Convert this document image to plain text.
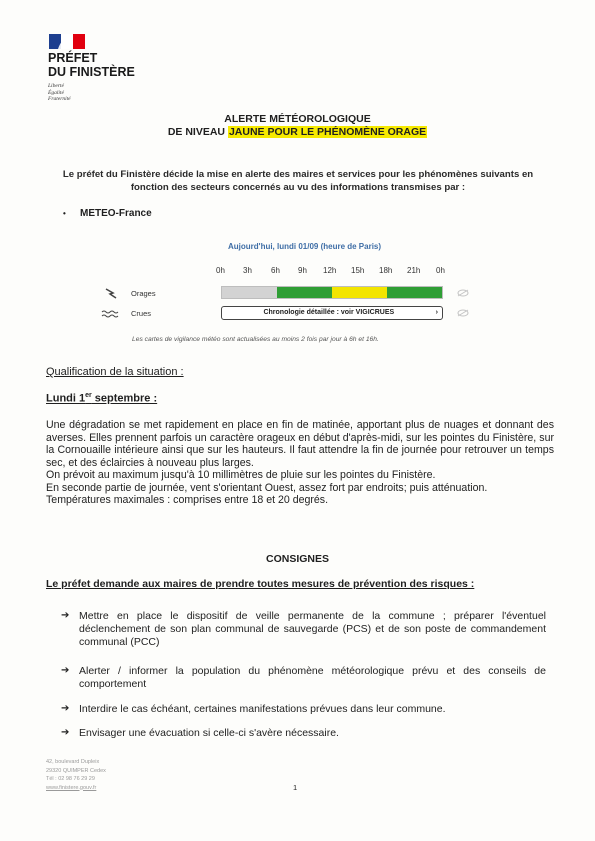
PRÉFET
DU FINISTÈRE
Liberté
Égalité
Fraternité
ALERTE MÉTÉOROLOGIQUE
DE NIVEAU JAUNE POUR LE PHÉNOMÈNE ORAGE
Le préfet du Finistère décide la mise en alerte des maires et services pour les phénomènes suivants en fonction des secteurs concernés au vu des informations transmises par :
• METEO-France
Aujourd'hui, lundi 01/09 (heure de Paris)
0h 3h 6h 9h 12h 15h 18h 21h 0h
Orages
Crues	Chronologie détaillée : voir VIGICRUES	›
Les cartes de vigilance météo sont actualisées au moins 2 fois par jour à 6h et 16h.
Qualification de la situation :
Lundi 1er septembre :

Une dégradation se met rapidement en place en fin de matinée, apportant plus de nuages et donnant des averses. Elles prennent parfois un caractère orageux en début d'après-midi, sur les pointes du Finistère, sur la Cornouaille intérieure ainsi que sur les hauteurs. Il faut attendre la fin de journée pour retrouver un temps sec, et des éclaircies à nouveau plus larges.

On prévoit au maximum jusqu'à 10 millimètres de pluie sur les pointes du Finistère.

En seconde partie de journée, vent s'orientant Ouest, assez fort par endroits; puis atténuation.

Températures maximales : comprises entre 18 et 20 degrés.

CONSIGNES
Le préfet demande aux maires de prendre toutes mesures de prévention des risques :
➔ Mettre en place le dispositif de veille permanente de la commune ; préparer l'éventuel déclenchement de son plan communal de sauvegarde (PCS) et de son poste de commandement communal (PCC)
➔ Alerter / informer la population du phénomène météorologique prévu et des conseils de comportement
➔ Interdire le cas échéant, certaines manifestations prévues dans leur commune.
➔ Envisager une évacuation si celle-ci s'avère nécessaire.
42, boulevard Dupleix
29320 QUIMPER Cedex
Tél : 02 98 76 29 29
www.finistere.gouv.fr	1
